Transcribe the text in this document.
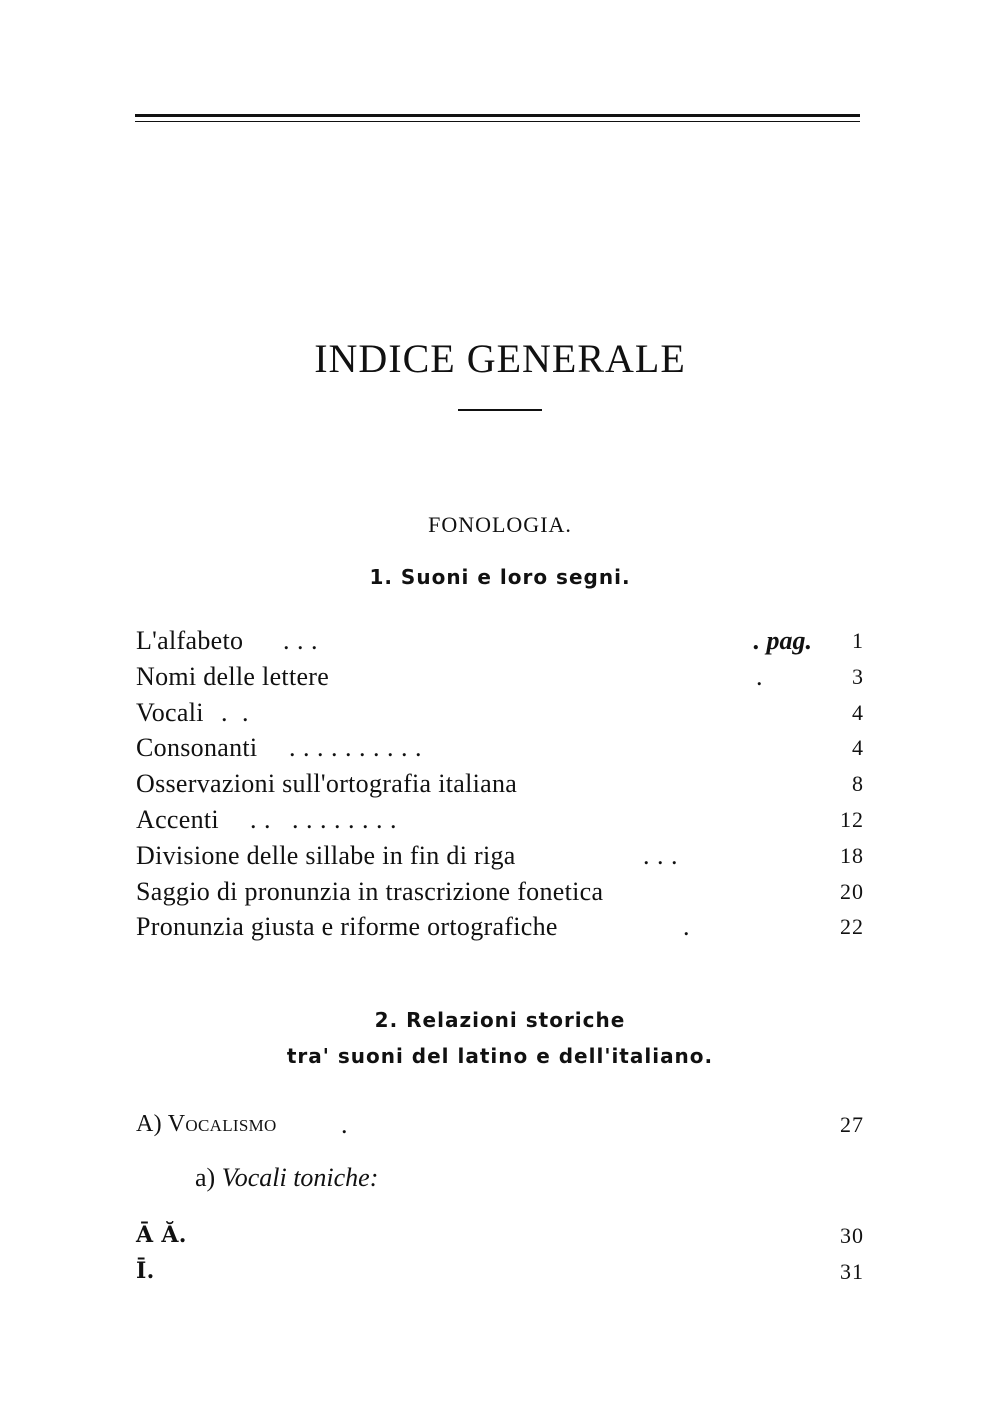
INDICE GENERALE
FONOLOGIA.
1. Suoni e loro segni.
L'alfabeto . . .	. pag. 1
Nomi delle lettere	.	3
Vocali .  .	4
Consonanti . . . . . . . . . .	4
Osservazioni sull'ortografia italiana	8
Accenti . .   . . . . . . . .	12
Divisione delle sillabe in fin di riga	. . .	18
Saggio di pronunzia in trascrizione fonetica	20
Pronunzia giusta e riforme ortografiche	.	22
2. Relazioni storiche
tra' suoni del latino e dell'italiano.
A) Vocalismo .	27
a) Vocali toniche:
Ā Ă.	30
Ī.	31
